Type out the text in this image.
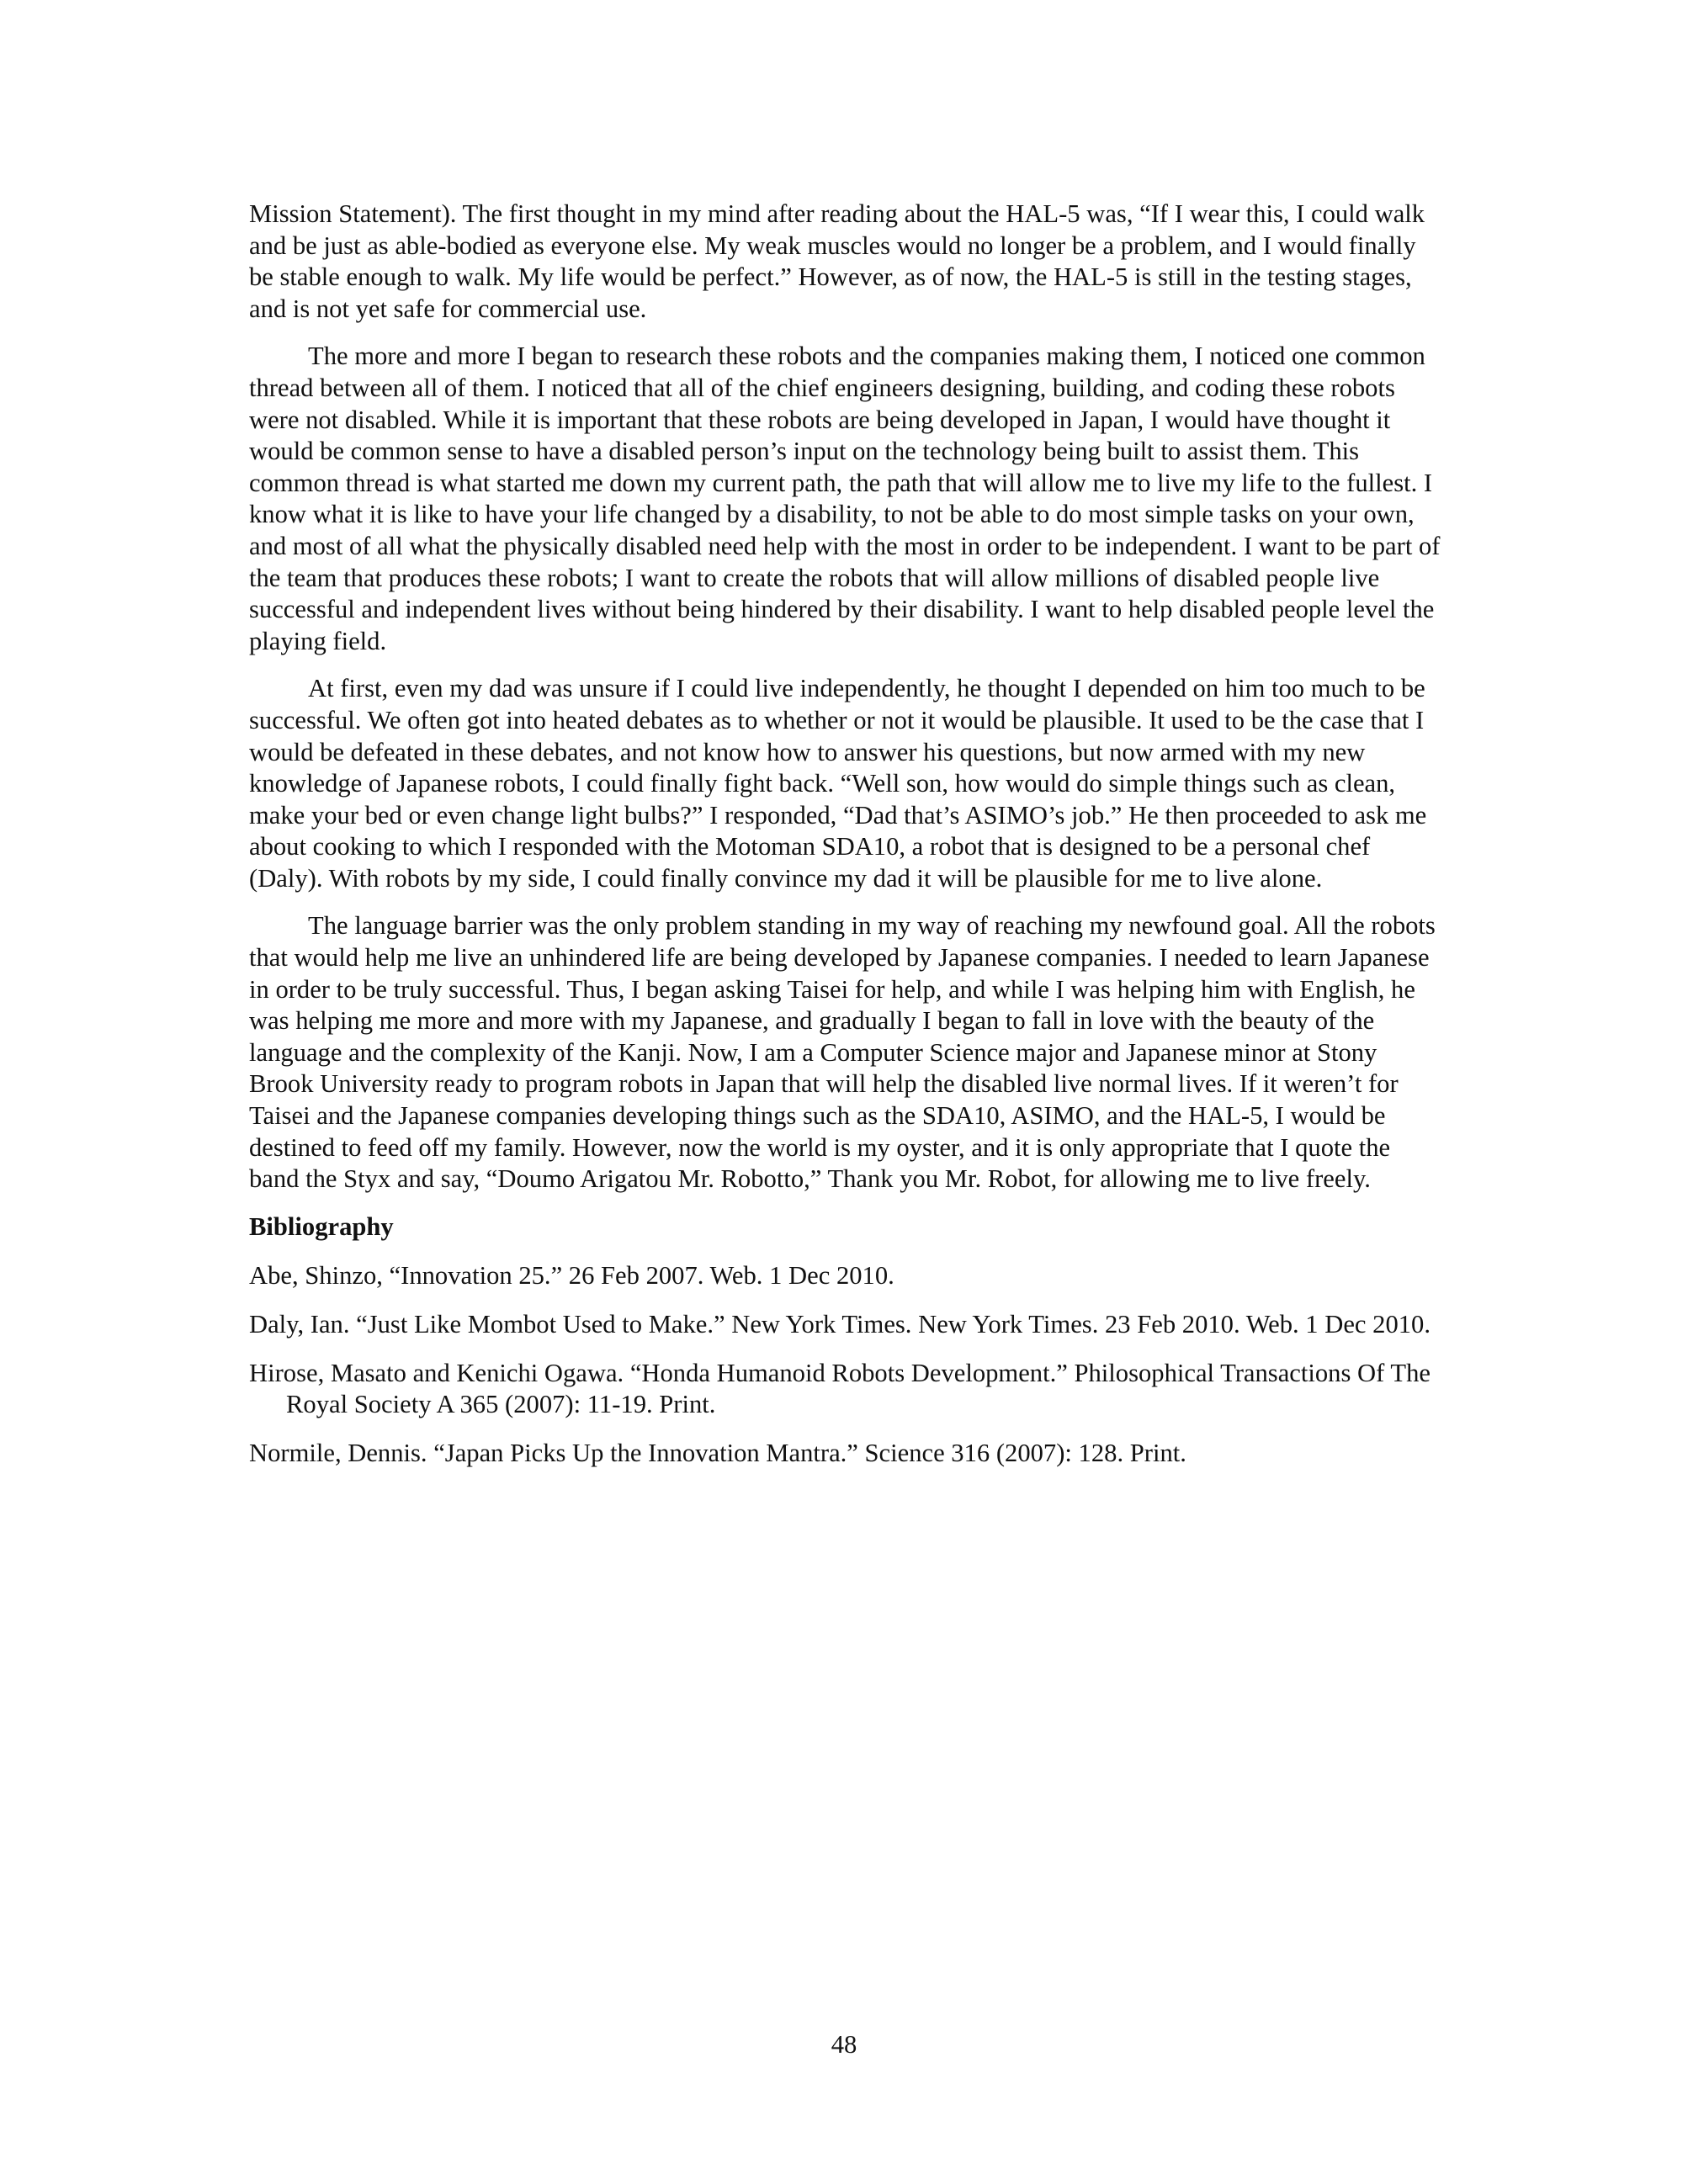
Mission Statement). The first thought in my mind after reading about the HAL-5 was, “If I wear this, I could walk and be just as able-bodied as everyone else. My weak muscles would no longer be a problem, and I would finally be stable enough to walk. My life would be perfect.” However, as of now, the HAL-5 is still in the testing stages, and is not yet safe for commercial use.

The more and more I began to research these robots and the companies making them, I noticed one common thread between all of them. I noticed that all of the chief engineers designing, building, and coding these robots were not disabled. While it is important that these robots are being developed in Japan, I would have thought it would be common sense to have a disabled person’s input on the technology being built to assist them. This common thread is what started me down my current path, the path that will allow me to live my life to the fullest. I know what it is like to have your life changed by a disability, to not be able to do most simple tasks on your own, and most of all what the physically disabled need help with the most in order to be independent. I want to be part of the team that produces these robots; I want to create the robots that will allow millions of disabled people live successful and independent lives without being hindered by their disability. I want to help disabled people level the playing field.

At first, even my dad was unsure if I could live independently, he thought I depended on him too much to be successful. We often got into heated debates as to whether or not it would be plausible. It used to be the case that I would be defeated in these debates, and not know how to answer his questions, but now armed with my new knowledge of Japanese robots, I could finally fight back. “Well son, how would do simple things such as clean, make your bed or even change light bulbs?” I responded, “Dad that’s ASIMO’s job.” He then proceeded to ask me about cooking to which I responded with the Motoman SDA10, a robot that is designed to be a personal chef (Daly). With robots by my side, I could finally convince my dad it will be plausible for me to live alone.

The language barrier was the only problem standing in my way of reaching my newfound goal. All the robots that would help me live an unhindered life are being developed by Japanese companies. I needed to learn Japanese in order to be truly successful. Thus, I began asking Taisei for help, and while I was helping him with English, he was helping me more and more with my Japanese, and gradually I began to fall in love with the beauty of the language and the complexity of the Kanji. Now, I am a Computer Science major and Japanese minor at Stony Brook University ready to program robots in Japan that will help the disabled live normal lives. If it weren’t for Taisei and the Japanese companies developing things such as the SDA10, ASIMO, and the HAL-5, I would be destined to feed off my family. However, now the world is my oyster, and it is only appropriate that I quote the band the Styx and say, “Doumo Arigatou Mr. Robotto,” Thank you Mr. Robot, for allowing me to live freely.

Bibliography
Abe, Shinzo, “Innovation 25.” 26 Feb 2007. Web. 1 Dec 2010.
Daly, Ian. “Just Like Mombot Used to Make.” New York Times. New York Times. 23 Feb 2010. Web. 1 Dec 2010.
Hirose, Masato and Kenichi Ogawa. “Honda Humanoid Robots Development.” Philosophical Transactions Of The Royal Society A 365 (2007): 11-19. Print.
Normile, Dennis. “Japan Picks Up the Innovation Mantra.” Science 316 (2007): 128. Print.
48
